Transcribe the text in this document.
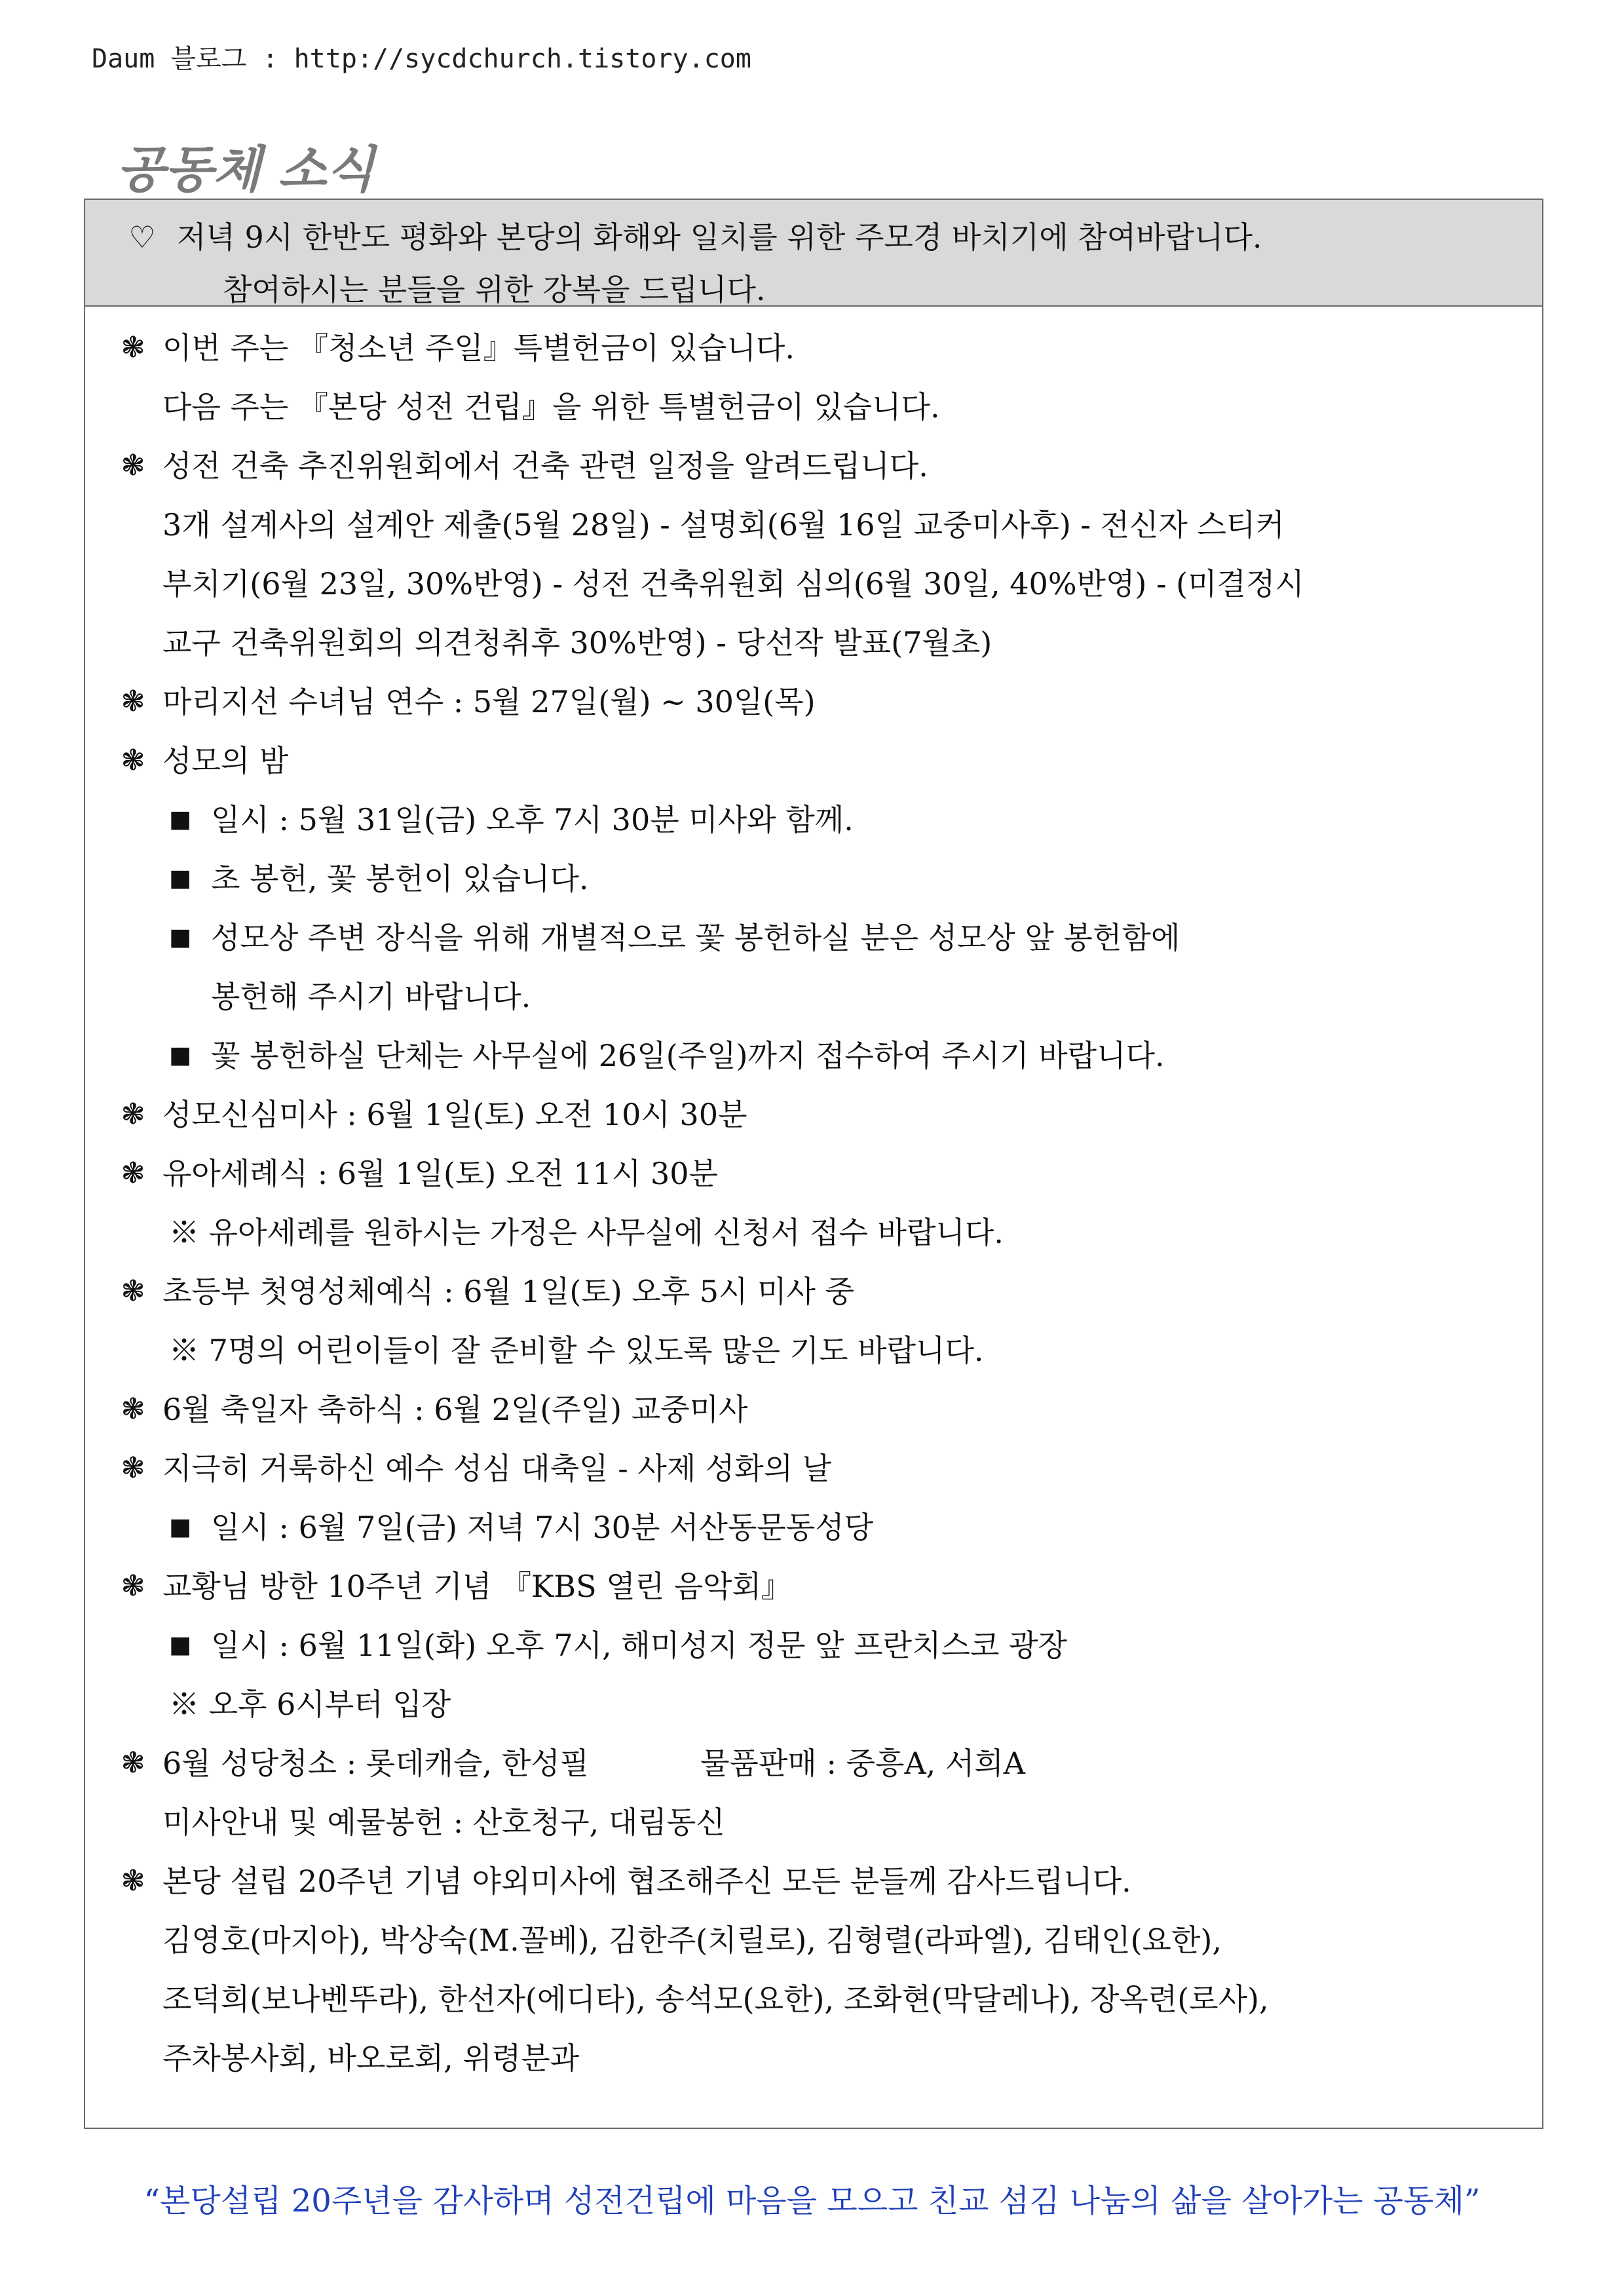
Daum 블로그 : http://sycdchurch.tistory.com
공동체 소식
♡ 저녁 9시 한반도 평화와 본당의 화해와 일치를 위한 주모경 바치기에 참여바랍니다.
참여하시는 분들을 위한 강복을 드립니다.
❃ 이번 주는 『청소년 주일』특별헌금이 있습니다.
다음 주는 『본당 성전 건립』을 위한 특별헌금이 있습니다.
❃ 성전 건축 추진위원회에서 건축 관련 일정을 알려드립니다.
3개 설계사의 설계안 제출(5월 28일) - 설명회(6월 16일 교중미사후) - 전신자 스티커
부치기(6월 23일, 30%반영) - 성전 건축위원회 심의(6월 30일, 40%반영) - (미결정시
교구 건축위원회의 의견청취후 30%반영) - 당선작 발표(7월초)
❃ 마리지선 수녀님 연수 : 5월 27일(월) ~ 30일(목)
❃ 성모의 밤
■ 일시 : 5월 31일(금) 오후 7시 30분 미사와 함께.
■ 초 봉헌, 꽃 봉헌이 있습니다.
■ 성모상 주변 장식을 위해 개별적으로 꽃 봉헌하실 분은 성모상 앞 봉헌함에
봉헌해 주시기 바랍니다.
■ 꽃 봉헌하실 단체는 사무실에 26일(주일)까지 접수하여 주시기 바랍니다.
❃ 성모신심미사 : 6월 1일(토) 오전 10시 30분
❃ 유아세례식 : 6월 1일(토) 오전 11시 30분
※ 유아세례를 원하시는 가정은 사무실에 신청서 접수 바랍니다.
❃ 초등부 첫영성체예식 : 6월 1일(토) 오후 5시 미사 중
※ 7명의 어린이들이 잘 준비할 수 있도록 많은 기도 바랍니다.
❃ 6월 축일자 축하식 : 6월 2일(주일) 교중미사
❃ 지극히 거룩하신 예수 성심 대축일 - 사제 성화의 날
■ 일시 : 6월 7일(금) 저녁 7시 30분 서산동문동성당
❃ 교황님 방한 10주년 기념 『KBS 열린 음악회』
■ 일시 : 6월 11일(화) 오후 7시, 해미성지 정문 앞 프란치스코 광장
※ 오후 6시부터 입장
❃ 6월 성당청소 : 롯데캐슬, 한성필	물품판매 : 중흥A, 서희A
미사안내 및 예물봉헌 : 산호청구, 대림동신
❃ 본당 설립 20주년 기념 야외미사에 협조해주신 모든 분들께 감사드립니다.
김영호(마지아), 박상숙(M.꼴베), 김한주(치릴로), 김형렬(라파엘), 김태인(요한),
조덕희(보나벤뚜라), 한선자(에디타), 송석모(요한), 조화현(막달레나), 장옥련(로사),
주차봉사회, 바오로회, 위령분과
“본당설립 20주년을 감사하며 성전건립에 마음을 모으고 친교 섬김 나눔의 삶을 살아가는 공동체”
